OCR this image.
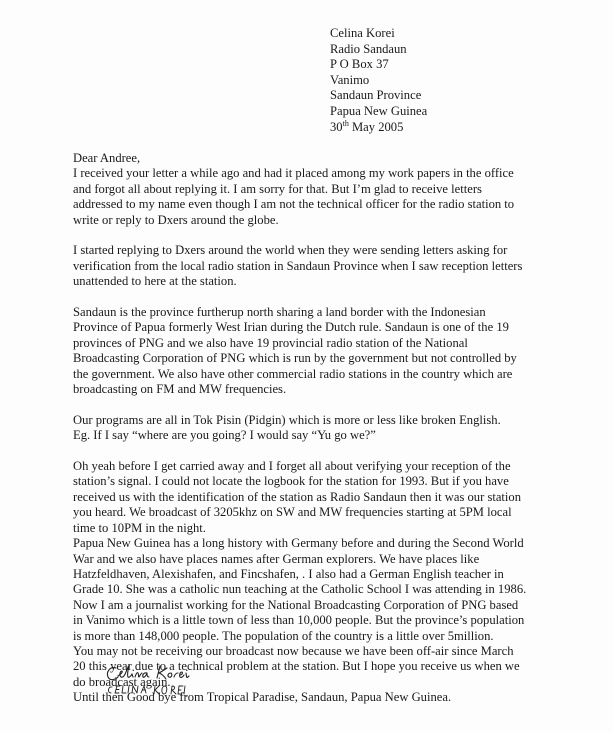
Celina Korei
Radio Sandaun
P O Box 37
Vanimo
Sandaun Province
Papua New Guinea
30th May 2005
Dear Andree,
I received your letter a while ago and had it placed among my work papers in the office
and forgot all about replying it. I am sorry for that. But I’m glad to receive letters
addressed to my name even though I am not the technical officer for the radio station to
write or reply to Dxers around the globe.
I started replying to Dxers around the world when they were sending letters asking for
verification from the local radio station in Sandaun Province when I saw reception letters
unattended to here at the station.
Sandaun is the province furtherup north sharing a land border with the Indonesian
Province of Papua formerly West Irian during the Dutch rule. Sandaun is one of the 19
provinces of PNG and we also have 19 provincial radio station of the National
Broadcasting Corporation of PNG which is run by the government but not controlled by
the government. We also have other commercial radio stations in the country which are
broadcasting on FM and MW frequencies.
Our programs are all in Tok Pisin (Pidgin) which is more or less like broken English.
Eg. If I say “where are you going? I would say “Yu go we?”
Oh yeah before I get carried away and I forget all about verifying your reception of the
station’s signal. I could not locate the logbook for the station for 1993. But if you have
received us with the identification of the station as Radio Sandaun then it was our station
you heard. We broadcast of 3205khz on SW and MW frequencies starting at 5PM local
time to 10PM in the night.
Papua New Guinea has a long history with Germany before and during the Second World
War and we also have places names after German explorers. We have places like
Hatzfeldhaven, Alexishafen, and Fincshafen, . I also had a German English teacher in
Grade 10. She was a catholic nun teaching at the Catholic School I was attending in 1986.
Now I am a journalist working for the National Broadcasting Corporation of PNG based
in Vanimo which is a little town of less than 10,000 people. But the province’s population
is more than 148,000 people. The population of the country is a little over 5million.
You may not be receiving our broadcast now because we have been off-air since March
20 this year due to a technical problem at the station. But I hope you receive us when we
do broadcast again.
Until then Good bye from Tropical Paradise, Sandaun, Papua New Guinea.
